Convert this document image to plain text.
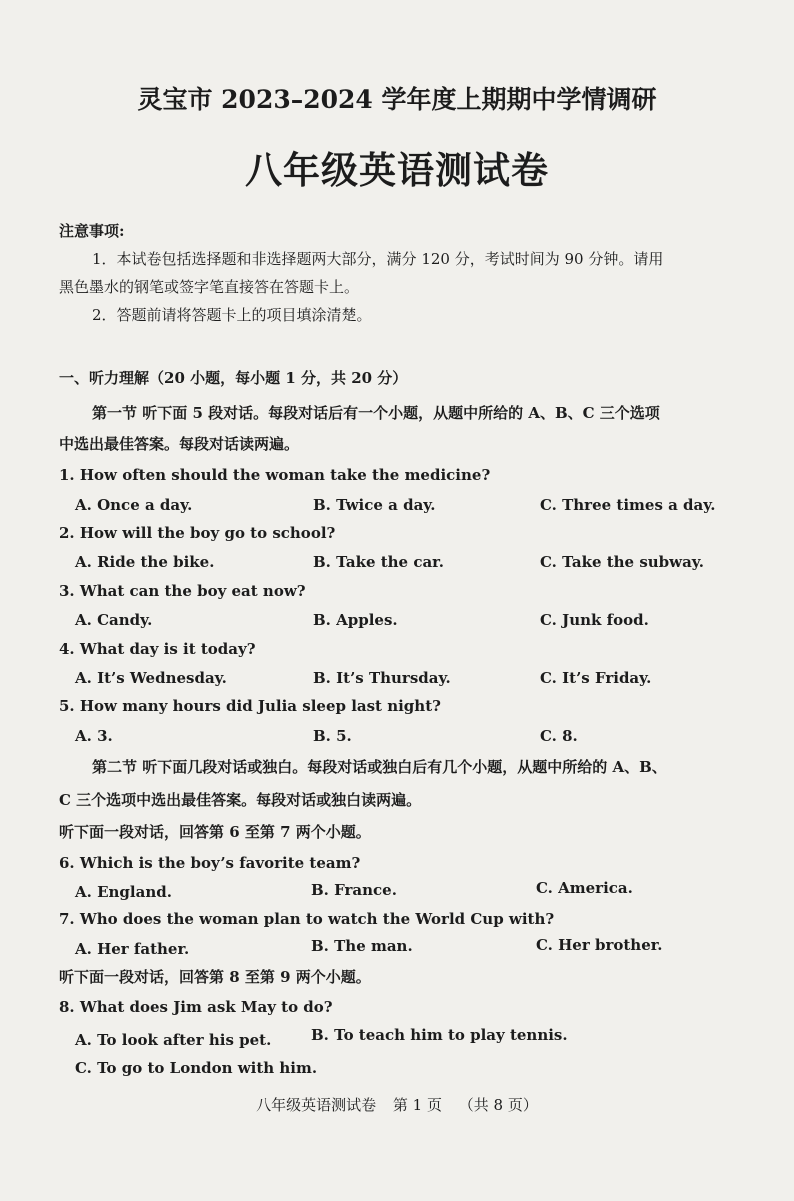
灵宝市 2023–2024 学年度上期期中学情调研
八年级英语测试卷
注意事项:
1．本试卷包括选择题和非选择题两大部分，满分 120 分，考试时间为 90 分钟。请用
黑色墨水的钢笔或签字笔直接答在答题卡上。
2．答题前请将答题卡上的项目填涂清楚。
一、听力理解（20 小题，每小题 1 分，共 20 分）
第一节 听下面 5 段对话。每段对话后有一个小题，从题中所给的 A、B、C 三个选项
中选出最佳答案。每段对话读两遍。
1. How often should the woman take the medicine?
A. Once a day.	B. Twice a day.	C. Three times a day.
2. How will the boy go to school?
A. Ride the bike.	B. Take the car.	C. Take the subway.
3. What can the boy eat now?
A. Candy.	B. Apples.	C. Junk food.
4. What day is it today?
A. It’s Wednesday.	B. It’s Thursday.	C. It’s Friday.
5. How many hours did Julia sleep last night?
A. 3.	B. 5.	C. 8.
第二节 听下面几段对话或独白。每段对话或独白后有几个小题，从题中所给的 A、B、
C 三个选项中选出最佳答案。每段对话或独白读两遍。
听下面一段对话，回答第 6 至第 7 两个小题。
6. Which is the boy’s favorite team?
A. England.	B. France.	C. America.
7. Who does the woman plan to watch the World Cup with?
A. Her father.	B. The man.	C. Her brother.
听下面一段对话，回答第 8 至第 9 两个小题。
8. What does Jim ask May to do?
A. To look after his pet.	B. To teach him to play tennis.
C. To go to London with him.
八年级英语测试卷 第 1 页 （共 8 页）
